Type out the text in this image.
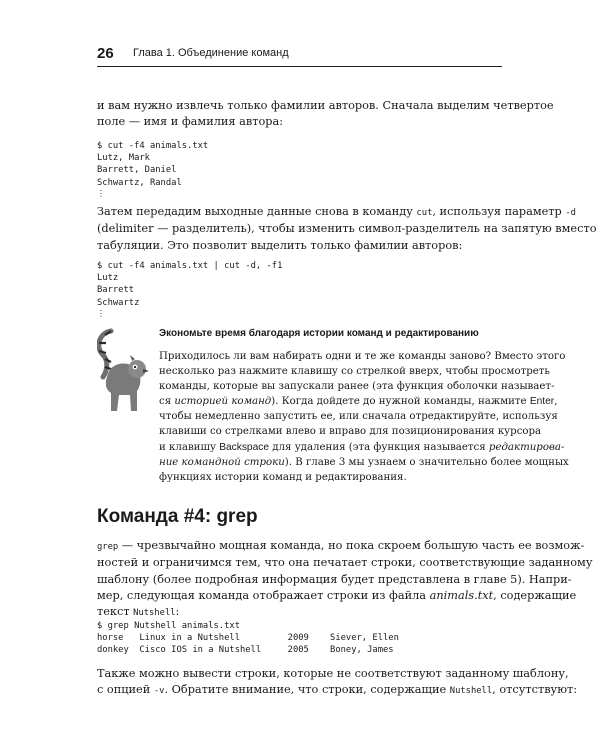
26 Глава 1. Объединение команд

и вам нужно извлечь только фамилии авторов. Сначала выделим четвертое
поле — имя и фамилия автора:

$ cut -f4 animals.txt
Lutz, Mark
Barrett, Daniel
Schwartz, Randal
⋮

Затем передадим выходные данные снова в команду cut, используя параметр -d
(delimiter — разделитель), чтобы изменить символ-разделитель на запятую вместо
табуляции. Это позволит выделить только фамилии авторов:

$ cut -f4 animals.txt | cut -d, -f1
Lutz
Barrett
Schwartz
⋮
Экономьте время благодаря истории команд и редактированию
Приходилось ли вам набирать одни и те же команды заново? Вместо этого
несколько раз нажмите клавишу со стрелкой вверх, чтобы просмотреть
команды, которые вы запускали ранее (эта функция оболочки называет-
ся историей команд). Когда дойдете до нужной команды, нажмите Enter,
чтобы немедленно запустить ее, или сначала отредактируйте, используя
клавиши со стрелками влево и вправо для позиционирования курсора
и клавишу Backspace для удаления (эта функция называется редактирова-
ние командной строки). В главе 3 мы узнаем о значительно более мощных
функциях истории команд и редактирования.
Команда #4: grep

grep — чрезвычайно мощная команда, но пока скроем большую часть ее возмож-
ностей и ограничимся тем, что она печатает строки, соответствующие заданному
шаблону (более подробная информация будет представлена в главе 5). Напри-
мер, следующая команда отображает строки из файла animals.txt, содержащие
текст Nutshell:

$ grep Nutshell animals.txt
horse   Linux in a Nutshell         2009    Siever, Ellen
donkey  Cisco IOS in a Nutshell     2005    Boney, James

Также можно вывести строки, которые не соответствуют заданному шаблону,
с опцией -v. Обратите внимание, что строки, содержащие Nutshell, отсутствуют:
